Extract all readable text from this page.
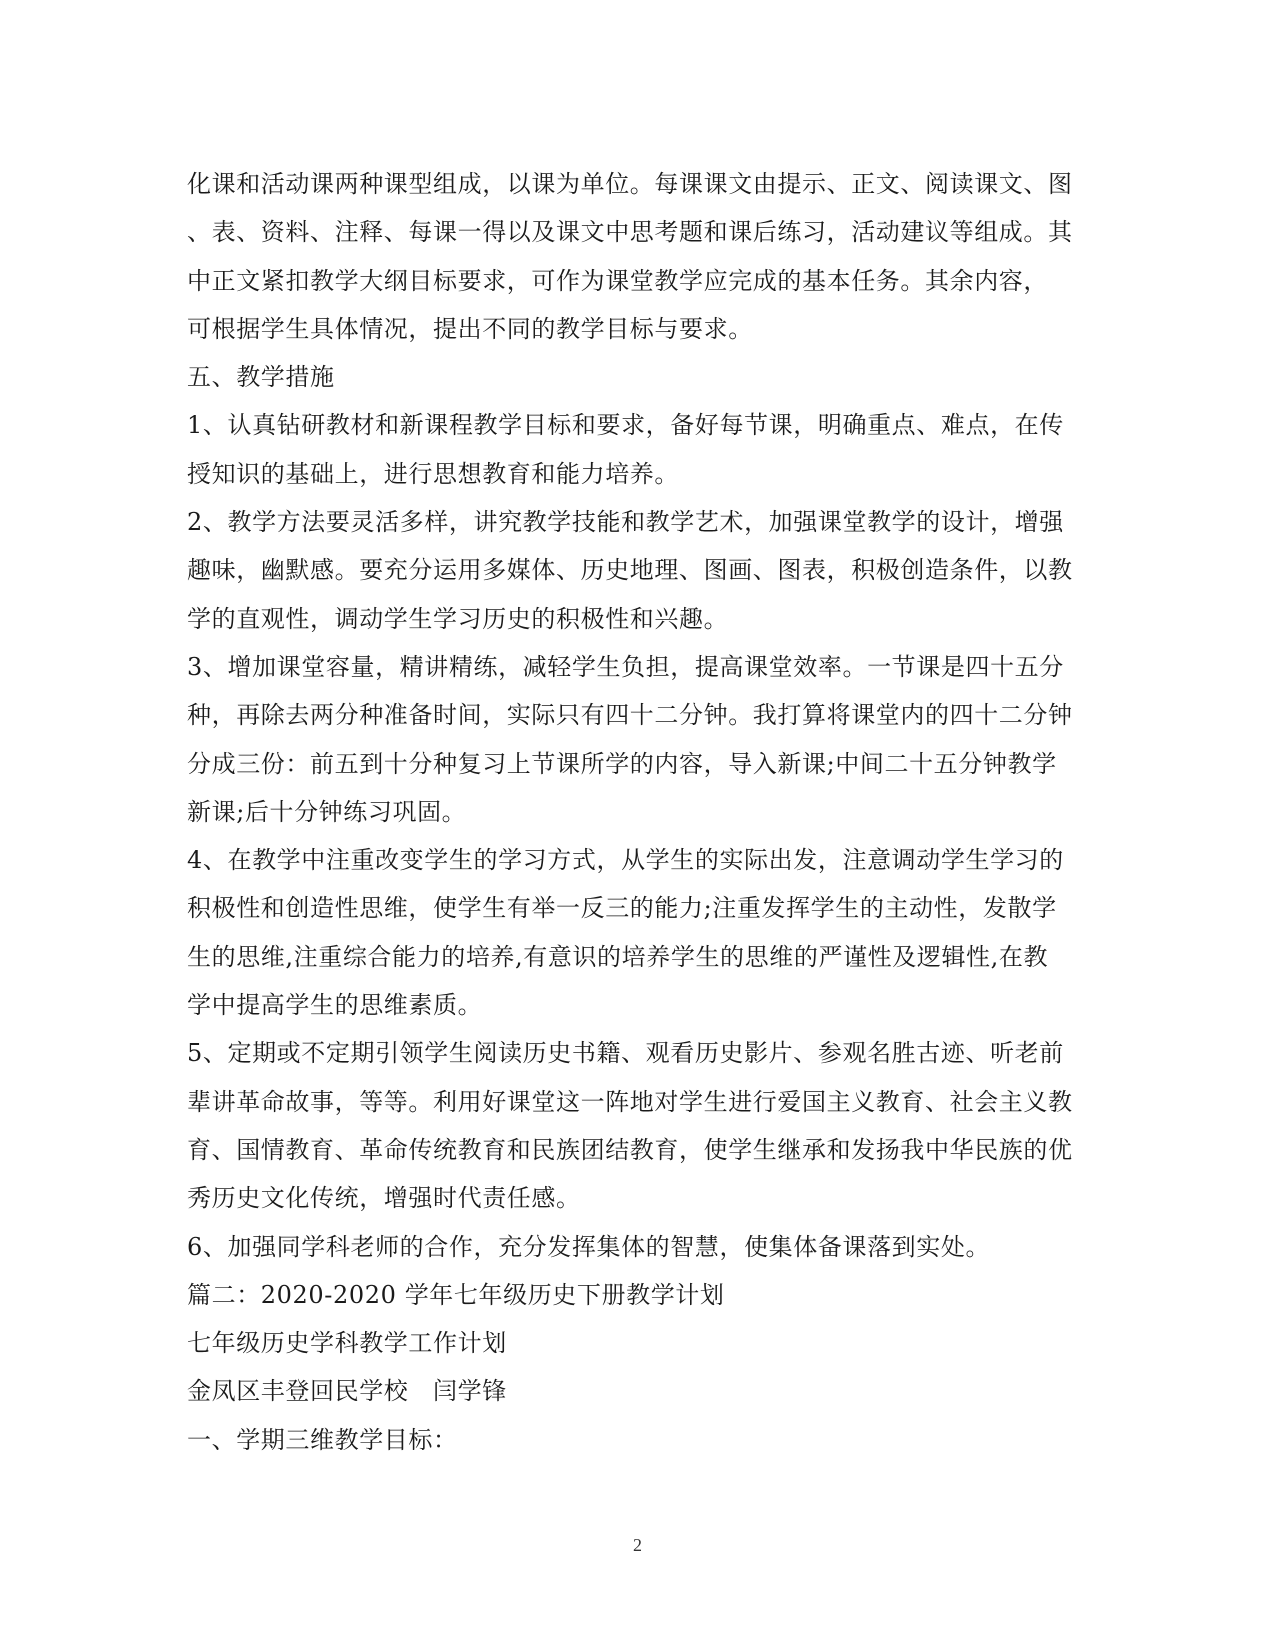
化课和活动课两种课型组成，以课为单位。每课课文由提示、正文、阅读课文、图
、表、资料、注释、每课一得以及课文中思考题和课后练习，活动建议等组成。其
中正文紧扣教学大纲目标要求，可作为课堂教学应完成的基本任务。其余内容，
可根据学生具体情况，提出不同的教学目标与要求。
五、教学措施
1、认真钻研教材和新课程教学目标和要求，备好每节课，明确重点、难点，在传
授知识的基础上，进行思想教育和能力培养。
2、教学方法要灵活多样，讲究教学技能和教学艺术，加强课堂教学的设计，增强
趣味，幽默感。要充分运用多媒体、历史地理、图画、图表，积极创造条件，以教
学的直观性，调动学生学习历史的积极性和兴趣。
3、增加课堂容量，精讲精练，减轻学生负担，提高课堂效率。一节课是四十五分
种，再除去两分种准备时间，实际只有四十二分钟。我打算将课堂内的四十二分钟
分成三份：前五到十分种复习上节课所学的内容，导入新课;中间二十五分钟教学
新课;后十分钟练习巩固。
4、在教学中注重改变学生的学习方式，从学生的实际出发，注意调动学生学习的
积极性和创造性思维，使学生有举一反三的能力;注重发挥学生的主动性，发散学
生的思维,注重综合能力的培养,有意识的培养学生的思维的严谨性及逻辑性,在教
学中提高学生的思维素质。
5、定期或不定期引领学生阅读历史书籍、观看历史影片、参观名胜古迹、听老前
辈讲革命故事，等等。利用好课堂这一阵地对学生进行爱国主义教育、社会主义教
育、国情教育、革命传统教育和民族团结教育，使学生继承和发扬我中华民族的优
秀历史文化传统，增强时代责任感。
6、加强同学科老师的合作，充分发挥集体的智慧，使集体备课落到实处。
篇二：2020-2020 学年七年级历史下册教学计划
七年级历史学科教学工作计划
金凤区丰登回民学校　闫学锋
一、学期三维教学目标：
2
